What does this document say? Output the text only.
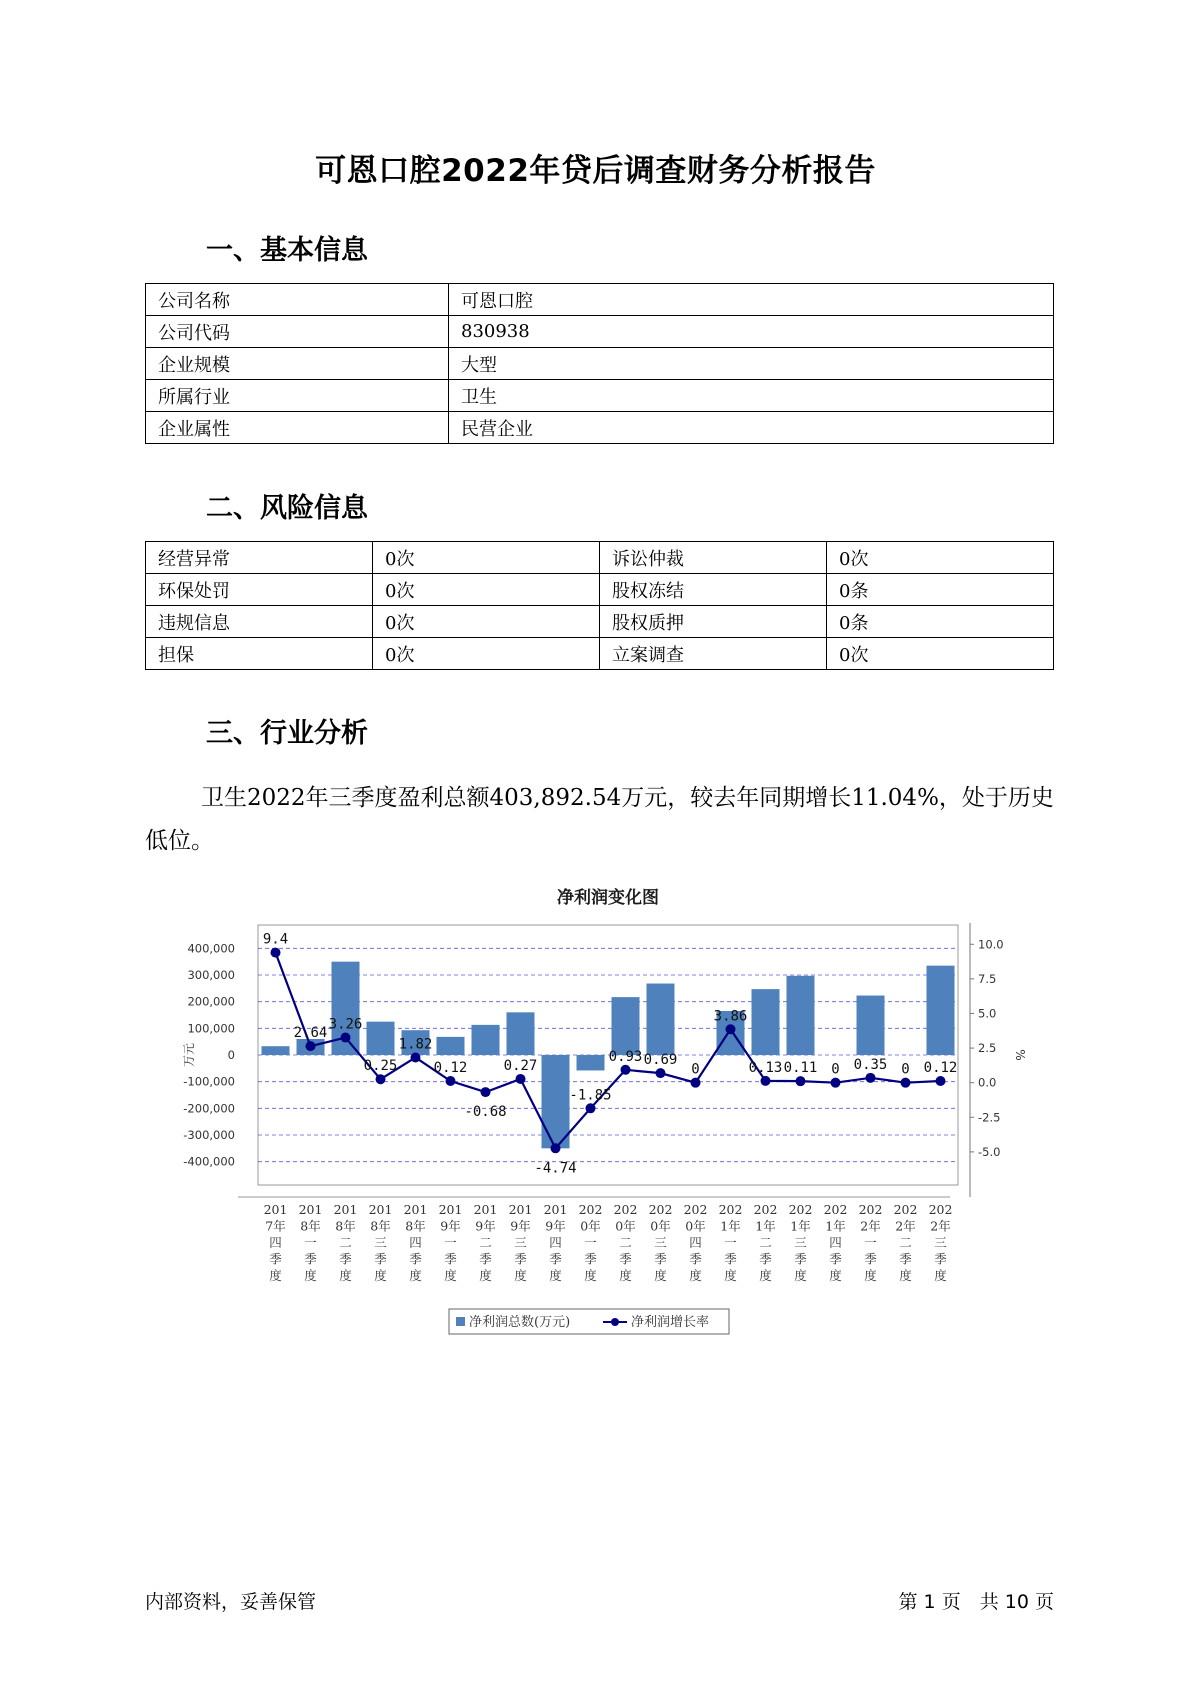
可恩口腔2022年贷后调查财务分析报告
一、基本信息
公司名称	可恩口腔
公司代码	830938
企业规模	大型
所属行业	卫生
企业属性	民营企业
二、风险信息
经营异常	0次	诉讼仲裁	0次
环保处罚	0次	股权冻结	0条
违规信息	0次	股权质押	0条
担保	0次	立案调查	0次
三、行业分析
卫生2022年三季度盈利总额403,892.54万元，较去年同期增长11.04%，处于历史低位。
净利润变化图
400,000
300,000
200,000
100,000
0
-100,000
-200,000
-300,000
-400,000
10.0
7.5
5.0
2.5
0.0
-2.5
-5.0
万元	%
9.4
2.64
3.26
0.25
1.82
0.12
-0.68
0.27
-4.74
-1.85
0.93 0.69
0
3.86
0.13 0.11 0 0.35 0 0.12
201
7年
四
季
度
201
8年
一
季
度
201
8年
二
季
度
201
8年
三
季
度
201
8年
四
季
度
201
9年
一
季
度
201
9年
二
季
度
201
9年
三
季
度
201
9年
四
季
度
202
0年
一
季
度
202
0年
二
季
度
202
0年
三
季
度
202
0年
四
季
度
202
1年
一
季
度
202
1年
二
季
度
202
1年
三
季
度
202
1年
四
季
度
202
2年
一
季
度
202
2年
二
季
度
202
2年
三
季
度
净利润总数(万元)	净利润增长率
内部资料，妥善保管	第 1 页　共 10 页
